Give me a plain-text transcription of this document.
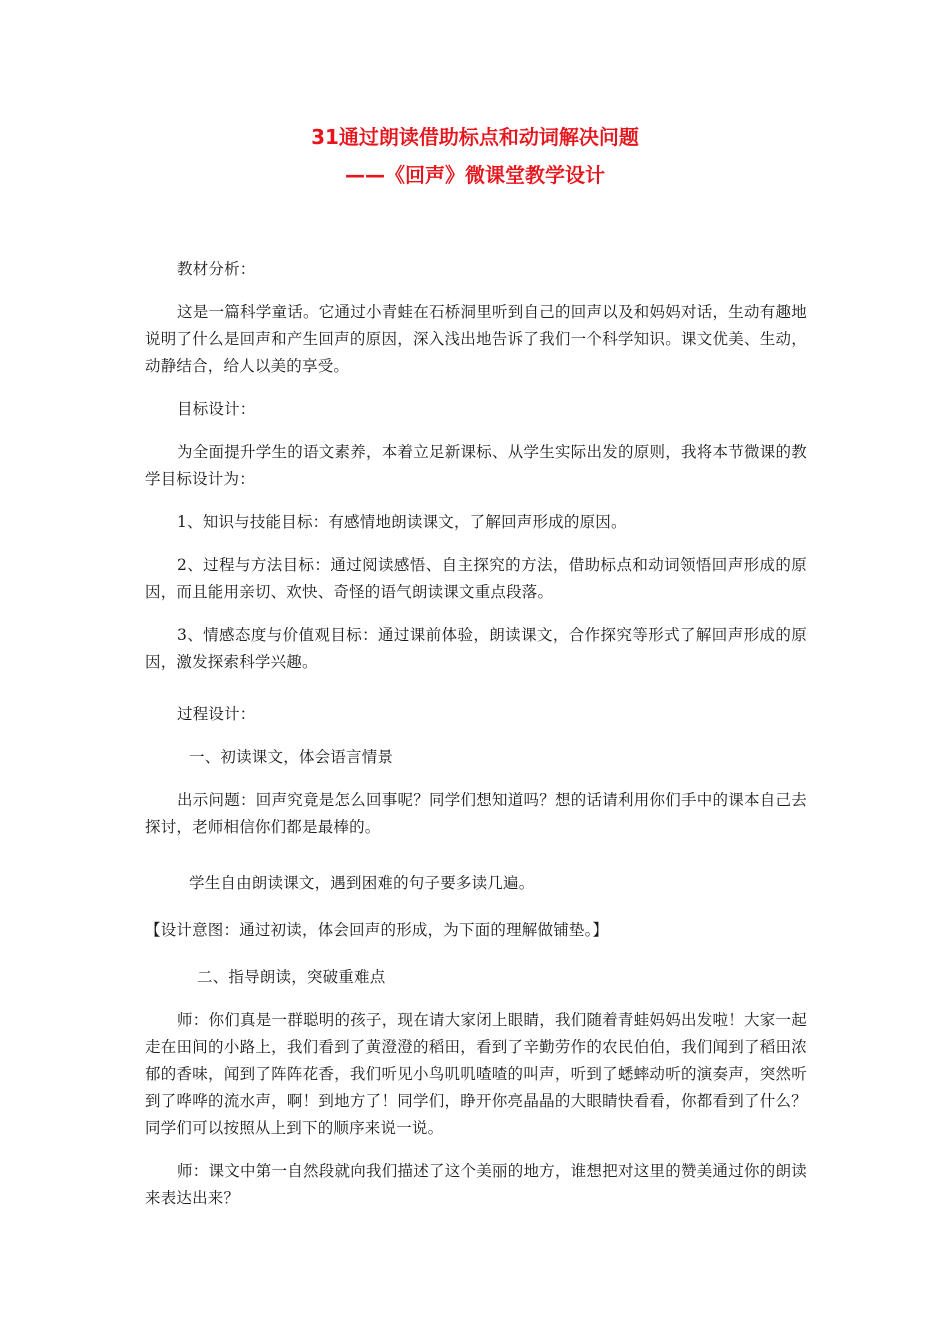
31通过朗读借助标点和动词解决问题
——《回声》微课堂教学设计

教材分析：

这是一篇科学童话。它通过小青蛙在石桥洞里听到自己的回声以及和妈妈对话，生动有趣地说明了什么是回声和产生回声的原因，深入浅出地告诉了我们一个科学知识。课文优美、生动，动静结合，给人以美的享受。

目标设计：

为全面提升学生的语文素养，本着立足新课标、从学生实际出发的原则，我将本节微课的教学目标设计为：

1、知识与技能目标：有感情地朗读课文，了解回声形成的原因。

2、过程与方法目标：通过阅读感悟、自主探究的方法，借助标点和动词领悟回声形成的原因，而且能用亲切、欢快、奇怪的语气朗读课文重点段落。

3、情感态度与价值观目标：通过课前体验，朗读课文，合作探究等形式了解回声形成的原因，激发探索科学兴趣。

过程设计：

一、初读课文，体会语言情景

出示问题：回声究竟是怎么回事呢？同学们想知道吗？想的话请利用你们手中的课本自己去探讨，老师相信你们都是最棒的。

学生自由朗读课文，遇到困难的句子要多读几遍。

【设计意图：通过初读，体会回声的形成，为下面的理解做铺垫。】

二、指导朗读，突破重难点

师：你们真是一群聪明的孩子，现在请大家闭上眼睛，我们随着青蛙妈妈出发啦！大家一起走在田间的小路上，我们看到了黄澄澄的稻田，看到了辛勤劳作的农民伯伯，我们闻到了稻田浓郁的香味，闻到了阵阵花香，我们听见小鸟叽叽喳喳的叫声，听到了蟋蟀动听的演奏声，突然听到了哗哗的流水声，啊！到地方了！同学们，睁开你亮晶晶的大眼睛快看看，你都看到了什么？同学们可以按照从上到下的顺序来说一说。

师：课文中第一自然段就向我们描述了这个美丽的地方，谁想把对这里的赞美通过你的朗读来表达出来？
